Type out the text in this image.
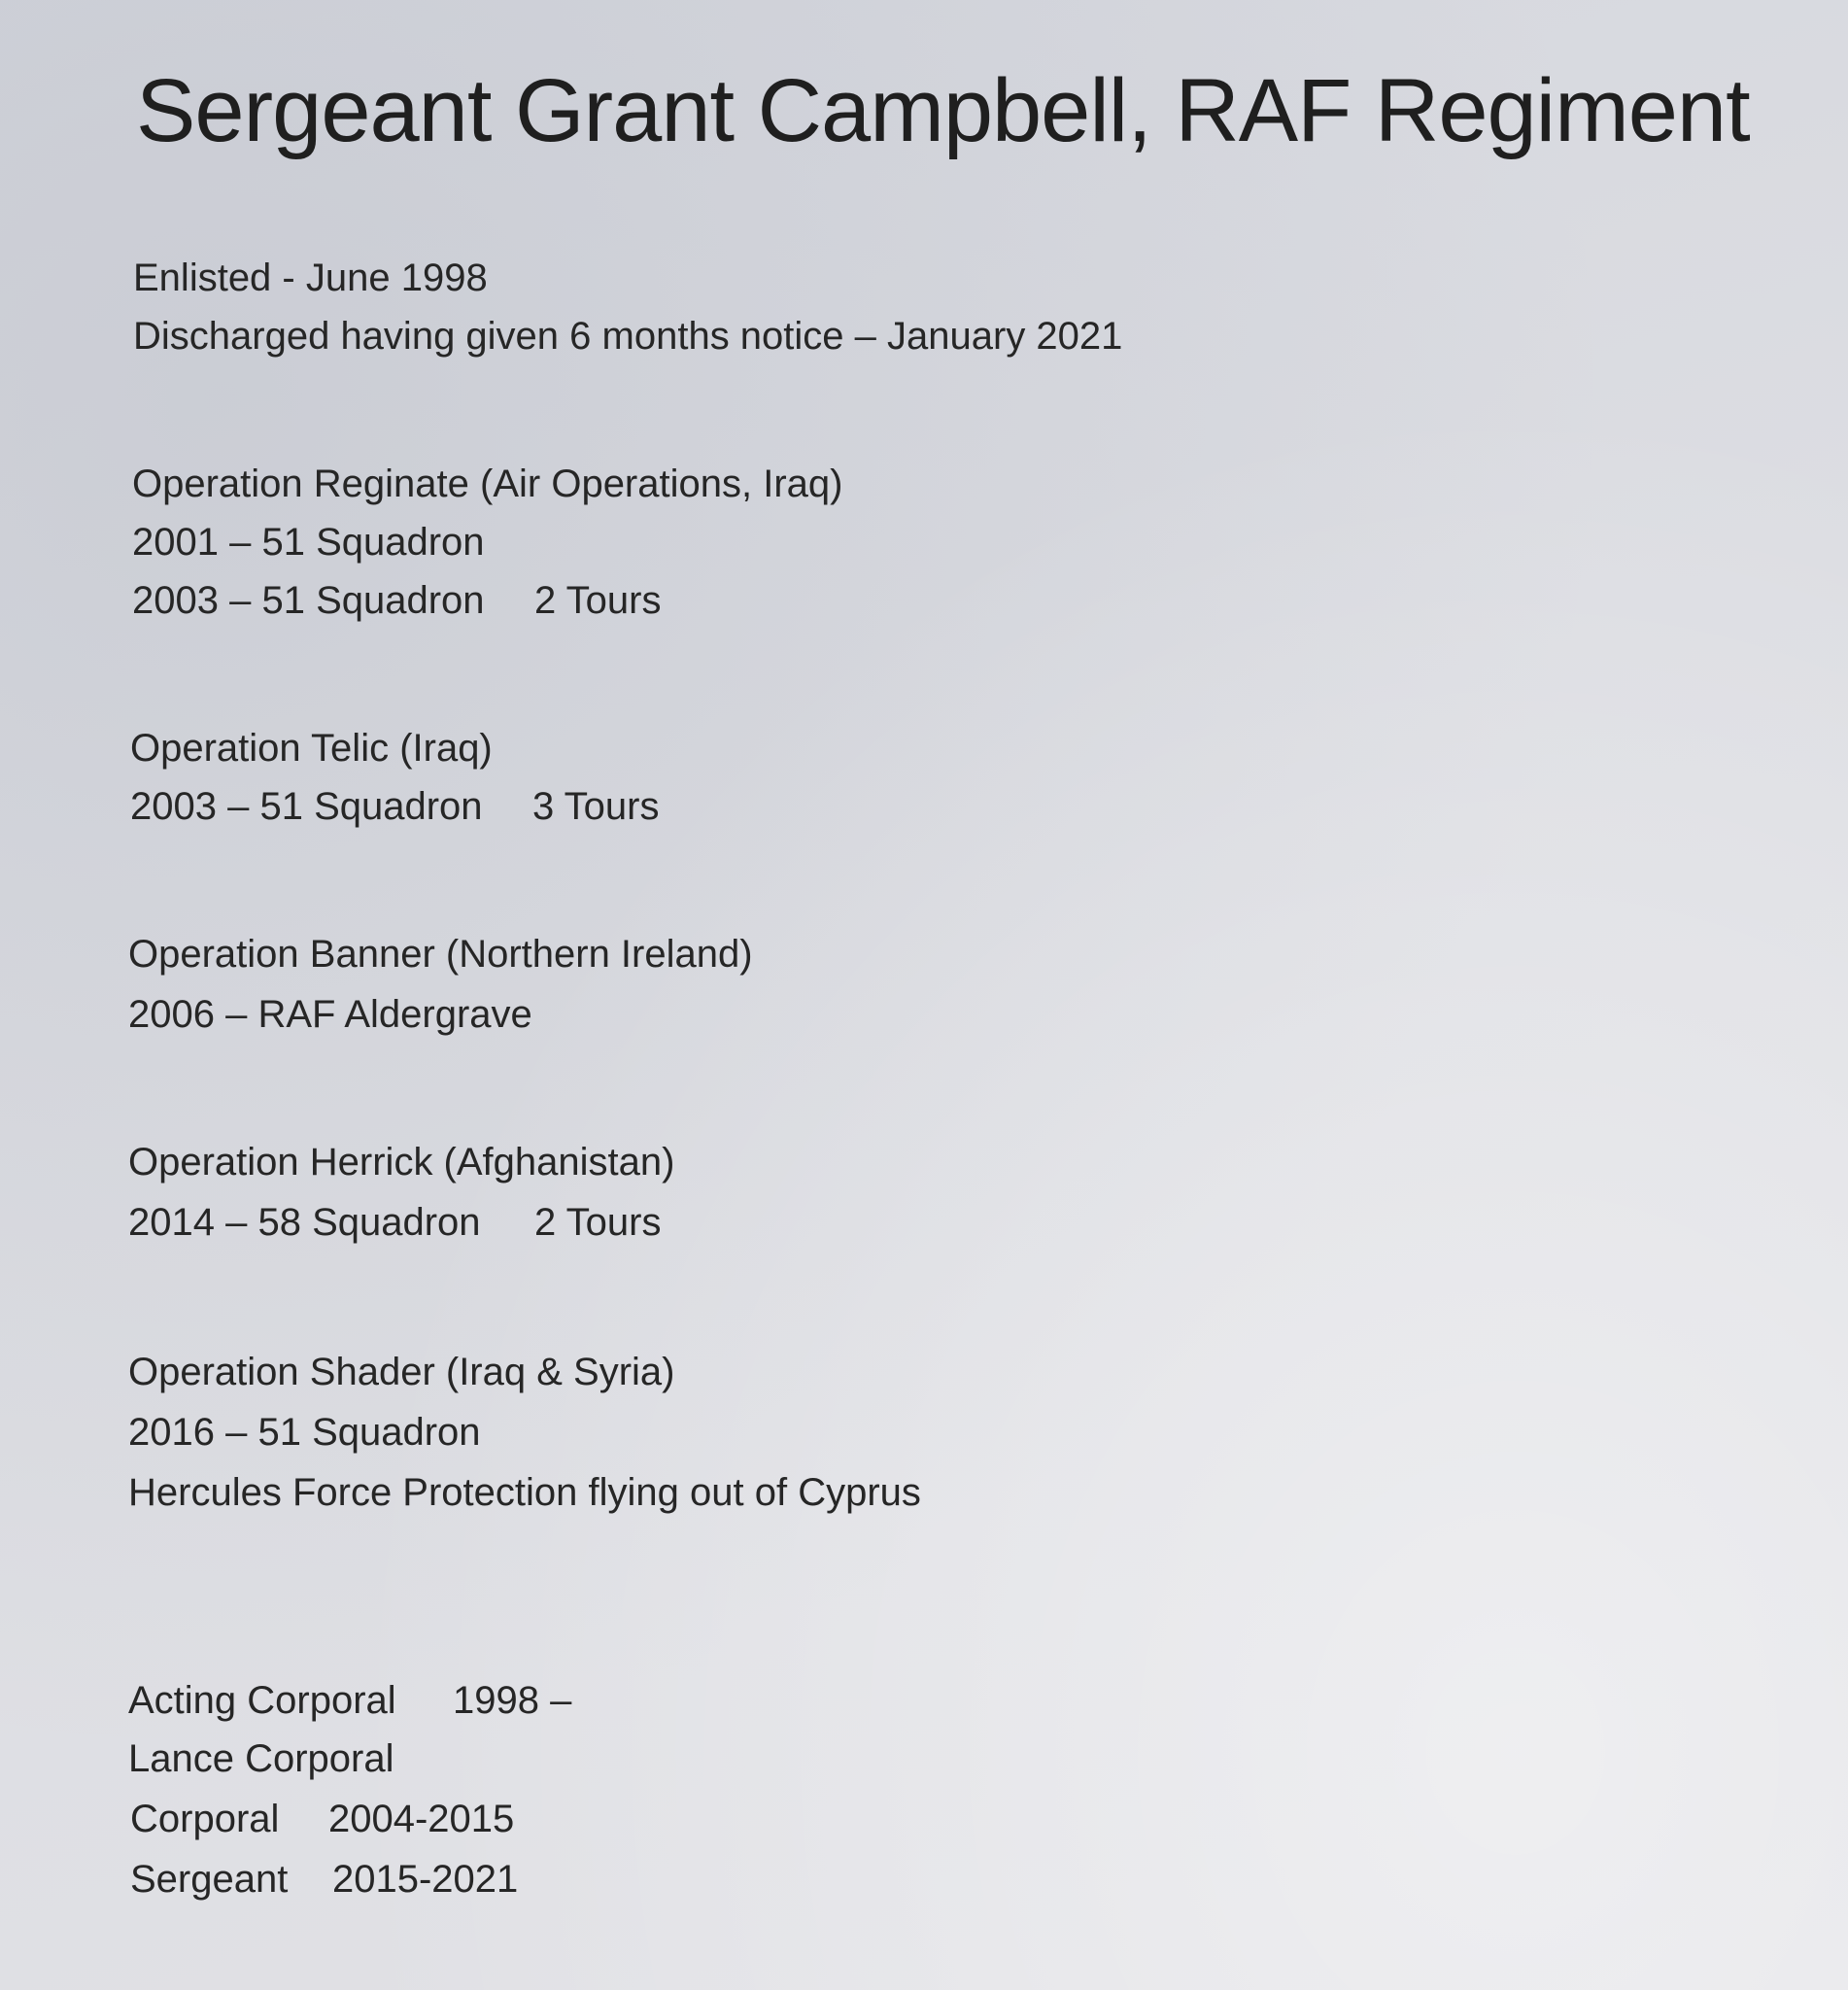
Sergeant Grant Campbell, RAF Regiment

Enlisted - June 1998

Discharged having given 6 months notice – January 2021

Operation Reginate (Air Operations, Iraq)

2001 – 51 Squadron

2003 – 51 Squadron 2 Tours

Operation Telic (Iraq)

2003 – 51 Squadron 3 Tours

Operation Banner (Northern Ireland)

2006 – RAF Aldergrave

Operation Herrick (Afghanistan)

2014 – 58 Squadron 2 Tours

Operation Shader (Iraq & Syria)

2016 – 51 Squadron

Hercules Force Protection flying out of Cyprus

Acting Corporal 1998 –

Lance Corporal

Corporal 2004-2015

Sergeant 2015-2021
